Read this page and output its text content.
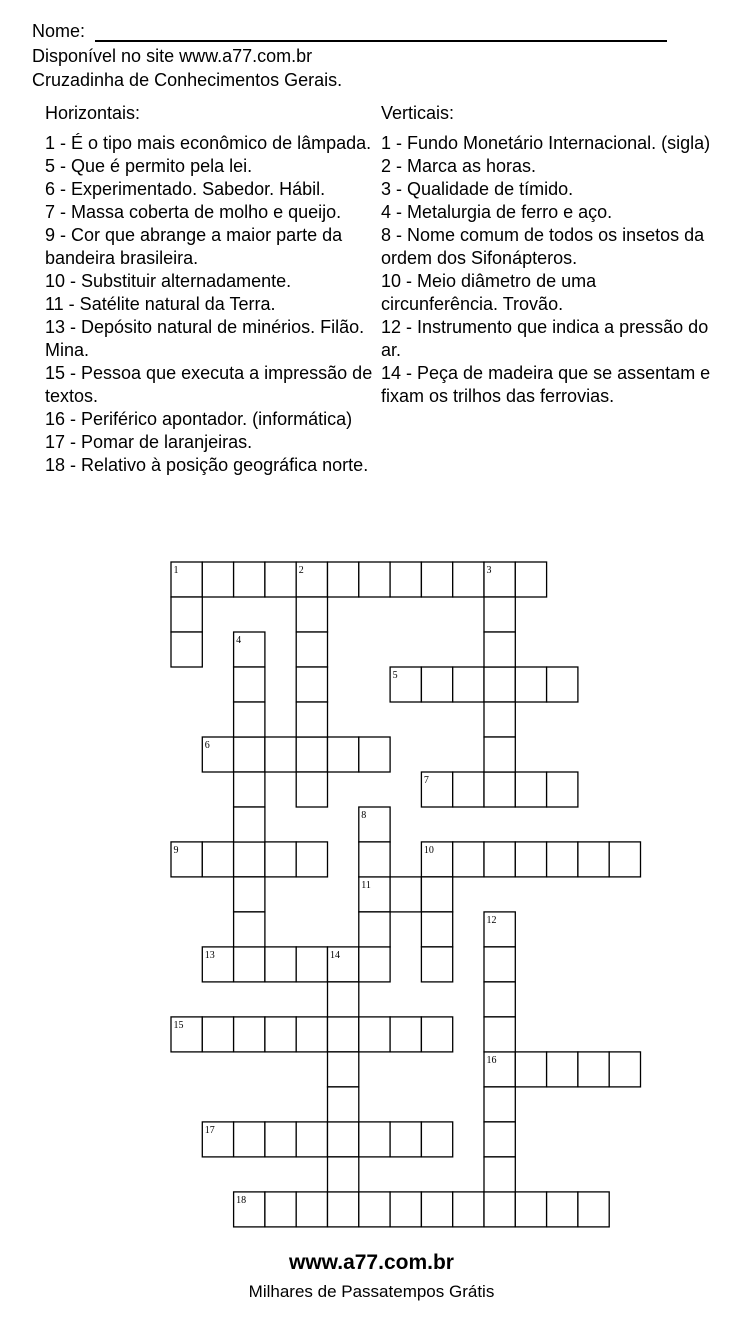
Nome:
Disponível no site www.a77.com.br
Cruzadinha de Conhecimentos Gerais.
Horizontais:

1 - É o tipo mais econômico de lâmpada.

5 - Que é permito pela lei.

6 - Experimentado. Sabedor. Hábil.

7 - Massa coberta de molho e queijo.

9 - Cor que abrange a maior parte da bandeira brasileira.

10 - Substituir alternadamente.

11 - Satélite natural da Terra.

13 - Depósito natural de minérios. Filão. Mina.

15 - Pessoa que executa a impressão de textos.

16 - Periférico apontador. (informática)

17 - Pomar de laranjeiras.

18 - Relativo à posição geográfica norte.

Verticais:

1 - Fundo Monetário Internacional. (sigla)

2 - Marca as horas.

3 - Qualidade de tímido.

4 - Metalurgia de ferro e aço.

8 - Nome comum de todos os insetos da ordem dos Sifonápteros.

10 - Meio diâmetro de uma circunferência. Trovão.

12 - Instrumento que indica a pressão do ar.

14 - Peça de madeira que se assentam e fixam os trilhos das ferrovias.

1
5
6
7
9	10
11
13
15
16
17
18
2	3
4
8
12
14
www.a77.com.br
Milhares de Passatempos Grátis
